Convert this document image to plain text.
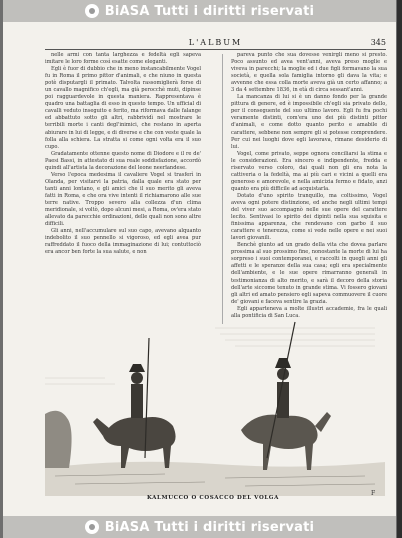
BiASA Tutti i diritti riservati
L'ALBUM	345

nelle armi con tanta larghezza e fedeltà egli sapeva imitare le loro forme così esatte come eleganti.

Egli è fuor di dubbio che in meno instancabilmente Vogel fu in Roma il primo pittor d'animali, e che niuno in questa potè disputargli il primato. Talvolta rassomiglierà forse di un cavallo magnifico ch'egli, ma già perocchè muti, dipinse poi ragguardevole in questa maniera. Rappresentava è quadro una battaglia di esso in questo tempo. Un ufficial di cavalli veduto inseguito e ferito, ma riformava dalle falange ed abbattuto sotto gli altri, rabbrividì nel mostrare le terribili morte i canti degl'inimici, che restano in aperta abiurare in lui di legge, e di diverse e che con veste quale la folla alla schiera. La stratta si come ogni volta era il suo cupo.

Gradatamente ottenne questo nome di Diodore e il re de' Paesi Bassi, in attestato di sua reale soddisfazione, accordò quindi all'artista la decorazione del leone neerlandese.

Verso l'epoca medesima il cavaliere Vogel si trasferì in Olanda, per visitarvi la patria, dalla quale era stato per tanti anni lontano, e gli amici che il suo merito gli aveva fatti in Roma, e che ora vive intenti il richiamarono alle sue terre native. Troppo severo alla collezza d'un clima meridionale, si voltò, dopo alcuni mesi, a Roma, ov'era stato allevato da parecchie ordinazioni, delle quali non sono altre difficili.

Gli anni, nell'accumulare sul suo capo, avevano alquanto indebolito il suo pennello si vigoroso, ed egli avea pur raffreddato il fuoco della immaginazione di lui; contuttociò era ancor ben forte la sua salute, e non

pareva punto che sua dovesse venirgli meno si presto. Poco assunto ed avea vent'anni, aveva preso moglie e viveva in parecchi; la moglie ed i due figli formavano la sua società, e quella sola famiglia intorno gli dava la vita; e avvenne che essa colla morte aveva già un certo affanno; a 3 da 4 settembre 1836, in età di circa sessant'anni.

La mancanza di lui si è un danno fondo per la grande pittura di genere, ed è impossibile ch'egli sia privato dello, per il conseguente del suo ultimo lavoro. Egli fu fra pochi veramente distinti, com'era uno dei più distinti pittor d'animali, e come dotto quanto perito e amabile di carattere, sebbene non sempre gli si potesse comprendere. Per cui nei luoghi dove egli lavorava, rimane desiderio di lui.

Vogel, come privato, seppe ognora conciliarsi la stima e le considerazioni. Era sincero e indipendente, fredda e riservato verso coloro, dai quali non gli era nota la cattiveria o la fedeltà, ma ai più cari e vicini a quelli era generoso e amorevole, e nella amicizia fermo e fidato, anzi quanto era più difficile ad acquistarla.

Dotato d'uno spirito tranquillo, ma coltissimo, Vogel aveva ogni potere distinzione, ed anche negli ultimi tempi del viver suo accompagnò nelle sue opere del carattere lecito. Sentivasi lo spirito dei dipinti nella sua squisita e finissima apparenza, che rendevano con garbo il suo carattere e tenerezza, come si vede nelle opere e nei suoi lavori giovanili.

Benchè giunto ad un grado della vita che dovea parlare prossima al suo prossimo fine, nonostante la morte di lui ha sorpreso i suoi contemporanei, e raccolti in quegli anni gli affetti e le speranze della sua casa; egli era specialmente dell'ambiente, e le sue opere rimarranno generali in testimonianza di alto merito, e sarà il decoro della storia dell'arte siccome tenuto in grande stima. Vi fossero giovani gli altri ed amato pensiero egli sapeva commuovere il cuore de' giovani e faceva sentire la grazia.

Egli apparteneva a molte illustri accademie, fra le quali alla pontificia di San Luca.

KALMUCCO O COSACCO DEL VOLGA
F
BiASA Tutti i diritti riservati
